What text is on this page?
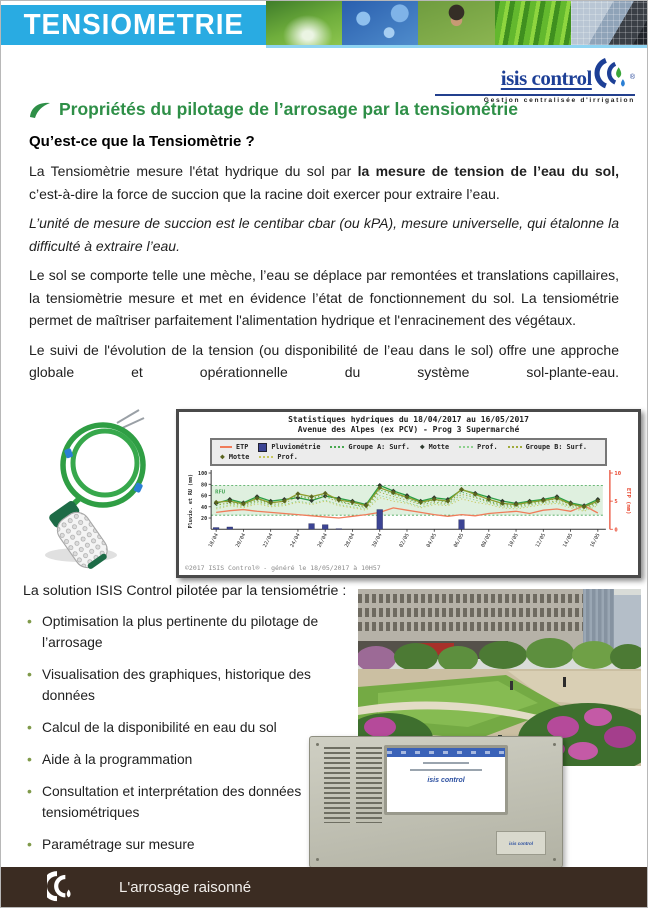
TENSIOMETRIE
isis control	®
Gestion centralisée d'irrigation
Propriétés du pilotage de l’arrosage par la tensiométrie
Qu’est-ce que la Tensiomètrie ?

La Tensiomètrie mesure l'état hydrique du sol par la mesure de tension de l’eau du sol, c’est-à-dire la force de succion que la racine doit exercer pour extraire l’eau.

L’unité de mesure de succion est le centibar cbar (ou kPA), mesure universelle, qui étalonne la difficulté à extraire l’eau.

Le sol se comporte telle une mèche, l’eau se déplace par remontées et translations capillaires, la tensiomètrie mesure et met en évidence l’état de fonctionnement du sol. La tensiométrie permet de maîtriser parfaitement l'alimentation hydrique et l'enracinement des végétaux.

Le suivi de l'évolution de la tension (ou disponibilité de l’eau dans le sol) offre une approche globale et opérationnelle du système sol-plante-eau.

Statistiques hydriques du 18/04/2017 au 16/05/2017
Avenue des Alpes (ex PCV) - Prog 3 Supermarché
ETP	Pluviométrie	Groupe A: Surf. ◆ Motte	Prof.	Groupe B: Surf.
◆ Motte	Prof.
RFU
20
40
60
80
100
0
5
10
18/04	20/04	22/04	24/04	26/04	28/04	30/04	02/05	04/05	06/05	08/05	10/05	12/05	14/05	16/05
Pluvio. et RU (mm)	ETP (mm)
©2017 ISIS Control® - généré le 18/05/2017 à 10H57
La solution ISIS Control pilotée par la tensiométrie :
• Optimisation la plus pertinente du pilotage de l’arrosage
• Visualisation des graphiques, historique des données
• Calcul de la disponibilité en eau du sol
• Aide à la programmation
• Consultation et interprétation des données tensiométriques
• Paramétrage sur mesure
•
isis control
isis control
L'arrosage raisonné
